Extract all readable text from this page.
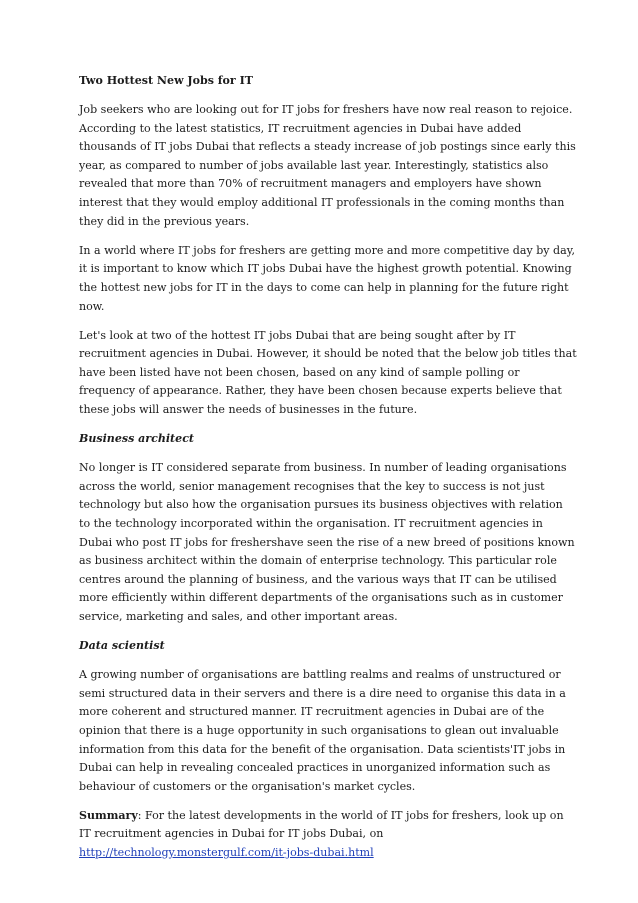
Two Hottest New Jobs for IT

Job seekers who are looking out for IT jobs for freshers have now real reason to rejoice.
According to the latest statistics, IT recruitment agencies in Dubai have added
thousands of IT jobs Dubai that reflects a steady increase of job postings since early this
year, as compared to number of jobs available last year. Interestingly, statistics also
revealed that more than 70% of recruitment managers and employers have shown
interest that they would employ additional IT professionals in the coming months than
they did in the previous years.

In a world where IT jobs for freshers are getting more and more competitive day by day,
it is important to know which IT jobs Dubai have the highest growth potential. Knowing
the hottest new jobs for IT in the days to come can help in planning for the future right
now.

Let's look at two of the hottest IT jobs Dubai that are being sought after by IT
recruitment agencies in Dubai. However, it should be noted that the below job titles that
have been listed have not been chosen, based on any kind of sample polling or
frequency of appearance. Rather, they have been chosen because experts believe that
these jobs will answer the needs of businesses in the future.

Business architect

No longer is IT considered separate from business. In number of leading organisations
across the world, senior management recognises that the key to success is not just
technology but also how the organisation pursues its business objectives with relation
to the technology incorporated within the organisation. IT recruitment agencies in
Dubai who post IT jobs for freshershave seen the rise of a new breed of positions known
as business architect within the domain of enterprise technology. This particular role
centres around the planning of business, and the various ways that IT can be utilised
more efficiently within different departments of the organisations such as in customer
service, marketing and sales, and other important areas.

Data scientist

A growing number of organisations are battling realms and realms of unstructured or
semi structured data in their servers and there is a dire need to organise this data in a
more coherent and structured manner. IT recruitment agencies in Dubai are of the
opinion that there is a huge opportunity in such organisations to glean out invaluable
information from this data for the benefit of the organisation. Data scientists'IT jobs in
Dubai can help in revealing concealed practices in unorganized information such as
behaviour of customers or the organisation's market cycles.

Summary: For the latest developments in the world of IT jobs for freshers, look up on
IT recruitment agencies in Dubai for IT jobs Dubai, on
http://technology.monstergulf.com/it-jobs-dubai.html
